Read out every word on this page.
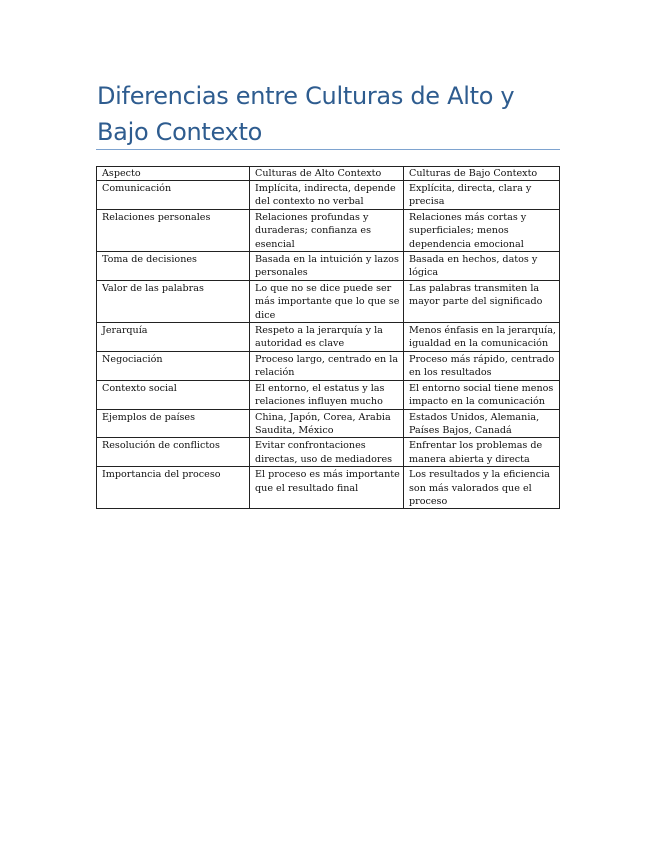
Diferencias entre Culturas de Alto y Bajo Contexto
Aspecto	Culturas de Alto Contexto	Culturas de Bajo Contexto
Comunicación	Implícita, indirecta, depende del contexto no verbal	Explícita, directa, clara y precisa
Relaciones personales	Relaciones profundas y duraderas; confianza es esencial	Relaciones más cortas y superficiales; menos dependencia emocional
Toma de decisiones	Basada en la intuición y lazos personales	Basada en hechos, datos y lógica
Valor de las palabras	Lo que no se dice puede ser más importante que lo que se dice	Las palabras transmiten la mayor parte del significado
Jerarquía	Respeto a la jerarquía y la autoridad es clave	Menos énfasis en la jerarquía, igualdad en la comunicación
Negociación	Proceso largo, centrado en la relación	Proceso más rápido, centrado en los resultados
Contexto social	El entorno, el estatus y las relaciones influyen mucho	El entorno social tiene menos impacto en la comunicación
Ejemplos de países	China, Japón, Corea, Arabia Saudita, México	Estados Unidos, Alemania, Países Bajos, Canadá
Resolución de conflictos	Evitar confrontaciones directas, uso de mediadores	Enfrentar los problemas de manera abierta y directa
Importancia del proceso	El proceso es más importante que el resultado final	Los resultados y la eficiencia son más valorados que el proceso
